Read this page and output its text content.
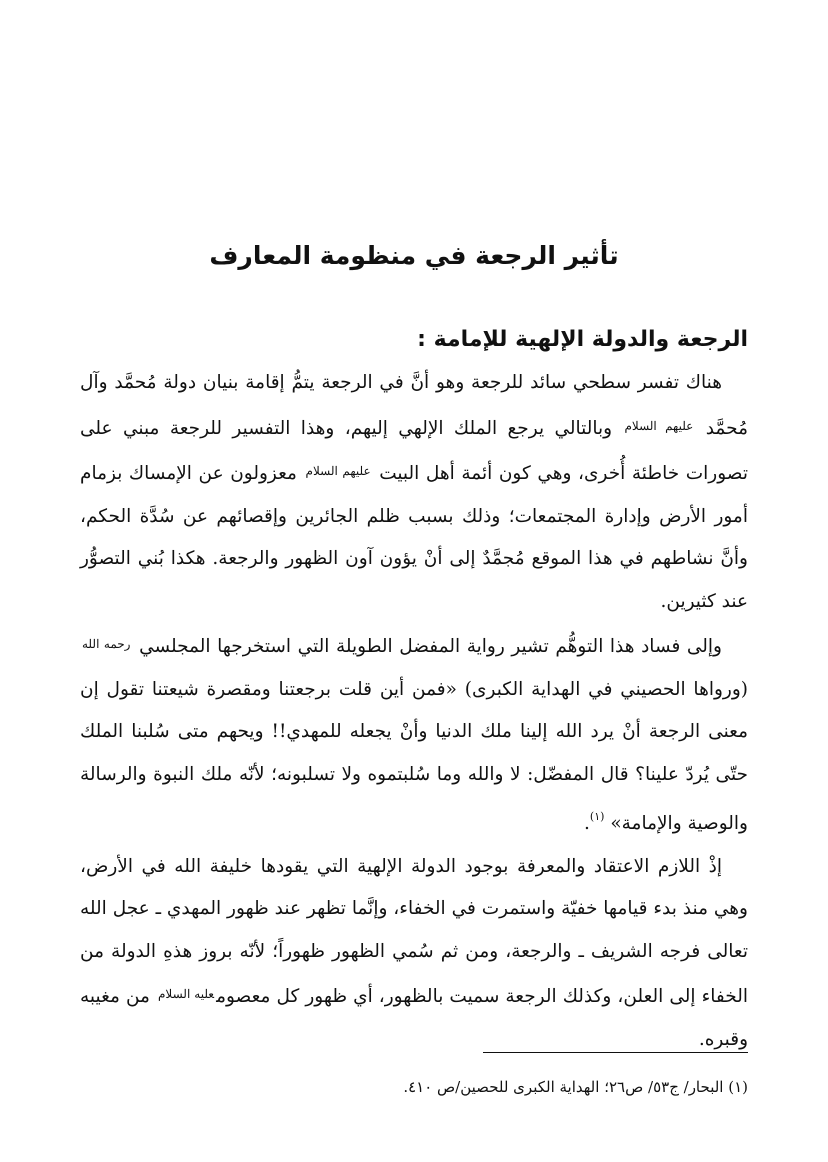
تأثير الرجعة في منظومة المعارف
الرجعة والدولة الإلهية للإمامة :

هناك تفسر سطحي سائد للرجعة وهو أنَّ في الرجعة يتمُّ إقامة بنيان دولة مُحمَّد وآل مُحمَّد $^{عليهم السلام}$ وبالتالي يرجع الملك الإلهي إليهم، وهذا التفسير للرجعة مبني على تصورات خاطئة أُخرى، وهي كون أئمة أهل البيت $^{عليهم السلام}$ معزولون عن الإمساك بزمام أمور الأرض وإدارة المجتمعات؛ وذلك بسبب ظلم الجائرين وإقصائهم عن سُدَّة الحكم، وأنَّ نشاطهم في هذا الموقع مُجمَّدٌ إلى أنْ يؤون آون الظهور والرجعة. هكذا بُني التصوُّر عند كثيرين.

وإلى فساد هذا التوهُّم تشير رواية المفضل الطويلة التي استخرجها المجلسي $^{رحمه الله}$ (ورواها الحصيني في الهداية الكبرى) «فمن أين قلت برجعتنا ومقصرة شيعتنا تقول إن معنى الرجعة أنْ يرد الله إلينا ملك الدنيا وأنْ يجعله للمهدي!! ويحهم متى سُلبنا الملك حتّى يُردّ علينا؟ قال المفضّل: لا والله وما سُلبتموه ولا تسلبونه؛ لأنّه ملك النبوة والرسالة والوصية والإمامة» $^{(١)}$.

إذْ اللازم الاعتقاد والمعرفة بوجود الدولة الإلهية التي يقودها خليفة الله في الأرض، وهي منذ بدء قيامها خفيّة واستمرت في الخفاء، وإنَّما تظهر عند ظهور المهدي ـ عجل الله تعالى فرجه الشريف ـ والرجعة، ومن ثم سُمي الظهور ظهوراً؛ لأنّه بروز هذهِ الدولة من الخفاء إلى العلن، وكذلك الرجعة سميت بالظهور، أي ظهور كل معصوم$^{عليه السلام}$ من مغيبه وقبره.

(١) البحار/ ج٥٣/ ص٢٦؛ الهداية الكبرى للحصين/ص ٤١٠.
